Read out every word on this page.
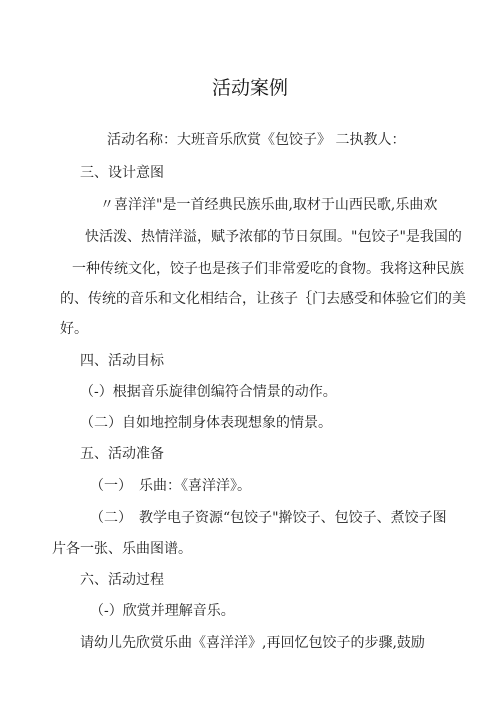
活动案例
活动名称：大班音乐欣赏《包饺子》 二执教人：
三、设计意图
〃喜洋洋"是一首经典民族乐曲,取材于山西民歌,乐曲欢
快活泼、热情洋溢，赋予浓郁的节日氛围。"包饺子"是我国的
一种传统文化，饺子也是孩子们非常爱吃的食物。我将这种民族
的、传统的音乐和文化相结合，让孩子｛门去感受和体验它们的美
好。
四、活动目标
（-）根据音乐旋律创编符合情景的动作。
（二）自如地控制身体表现想象的情景。
五、活动准备
（一）　乐曲：《喜洋洋》。
（二）　教学电子资源“包饺子"擀饺子、包饺子、煮饺子图
片各一张、乐曲图谱。
六、活动过程
（-）欣赏并理解音乐。
请幼儿先欣赏乐曲《喜洋洋》,再回忆包饺子的步骤,鼓励
